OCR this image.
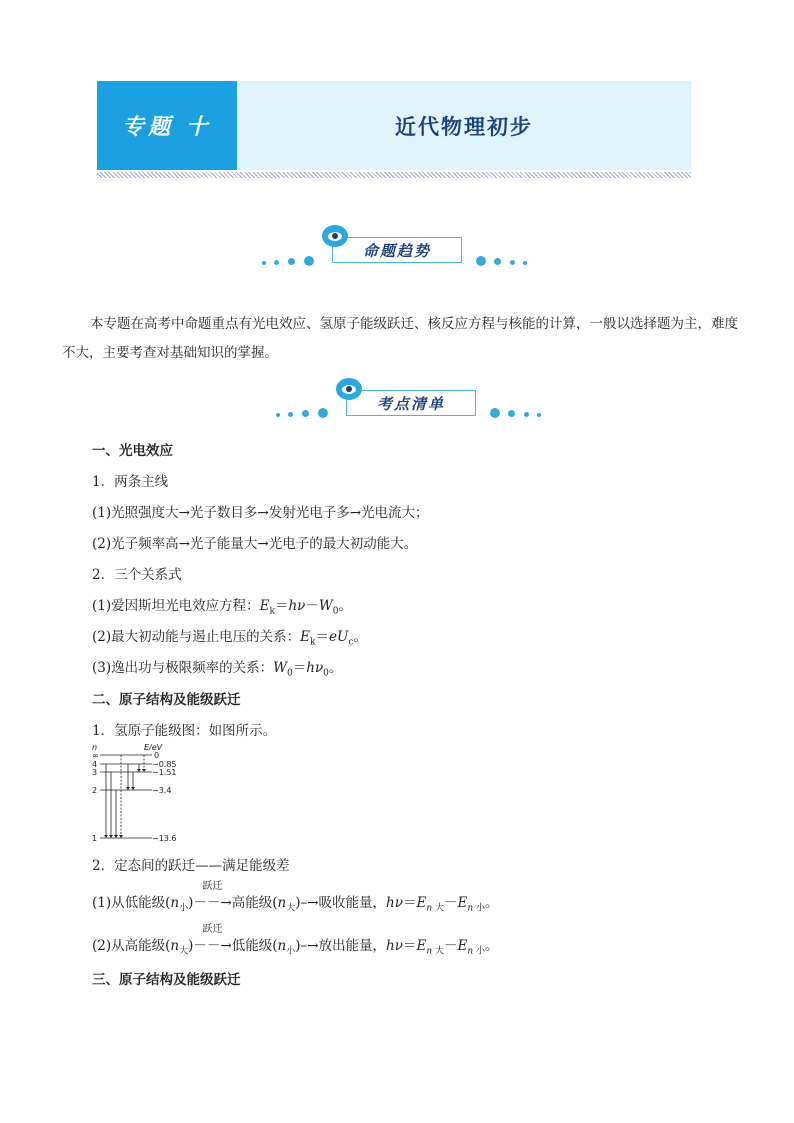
专题 十	近代物理初步
命题趋势
本专题在高考中命题重点有光电效应、氢原子能级跃迁、核反应方程与核能的计算，一般以选择题为主，难度不大，主要考查对基础知识的掌握。
考点清单
一、光电效应
1．两条主线
(1)光照强度大→光子数目多→发射光电子多→光电流大；
(2)光子频率高→光子能量大→光电子的最大初动能大。
2．三个关系式
(1)爱因斯坦光电效应方程：$E_k=h\nu-W_0$。
(2)最大初动能与遏止电压的关系：$E_k=eU_c$。
(3)逸出功与极限频率的关系：$W_0=h\nu_0$。
二、原子结构及能级跃迁
1．氢原子能级图：如图所示。
n	E/eV
∞	0
4	−0.85
3	−1.51
2	−3.4
1	−13.6
2．定态间的跃迁——满足能级差
(1)从低能级$(n_小)$
跃迁
－－→高能级$(n_大)-\to$吸收能量，$h\nu=E_{n 大}-E_{n 小}$。
(2)从高能级$(n_大)$
跃迁
－－→低能级$(n_小)-\to$放出能量，$h\nu=E_{n 大}-E_{n 小}$。
三、原子结构及能级跃迁
